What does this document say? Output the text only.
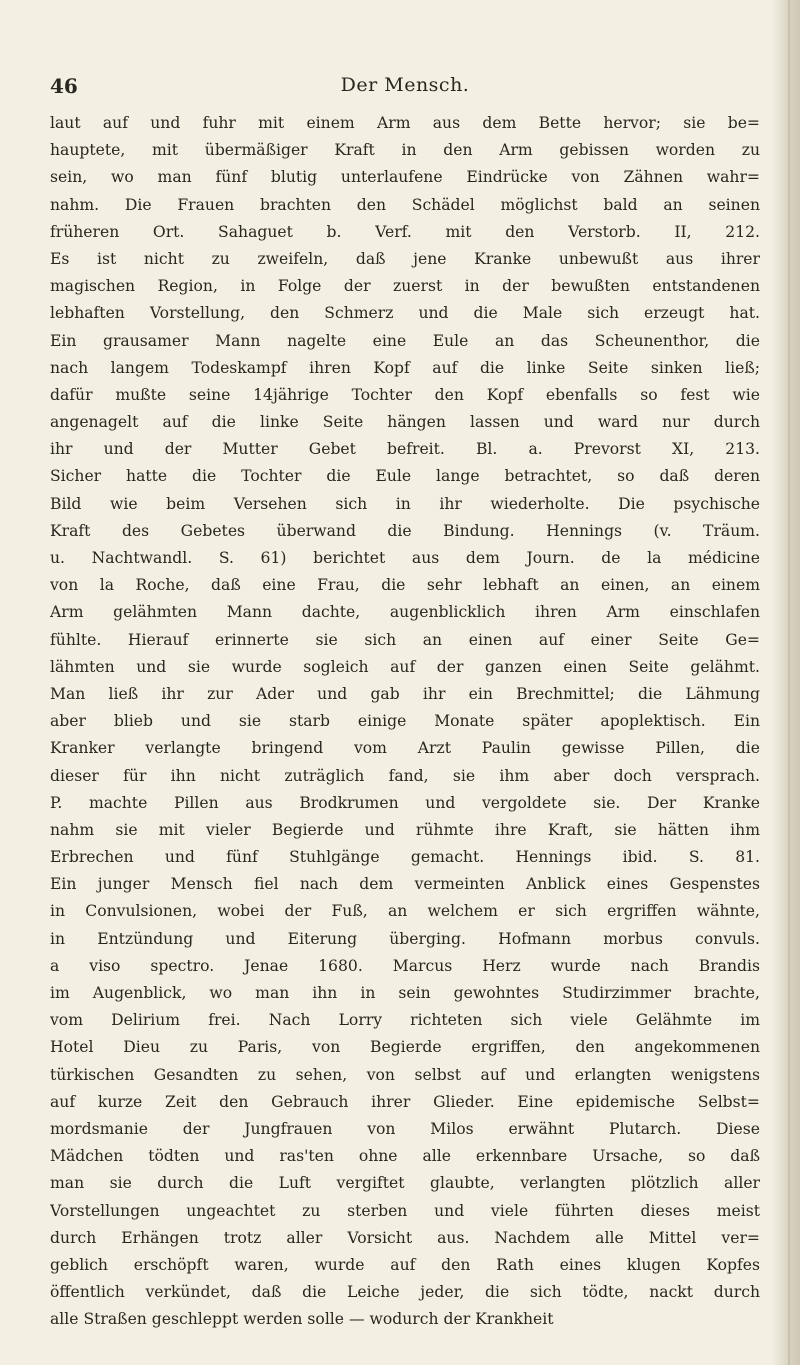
46	Der Mensch.
laut auf und fuhr mit einem Arm aus dem Bette hervor; sie be=
hauptete, mit übermäßiger Kraft in den Arm gebissen worden zu
sein, wo man fünf blutig unterlaufene Eindrücke von Zähnen wahr=
nahm. Die Frauen brachten den Schädel möglichst bald an seinen
früheren Ort. Sahaguet b. Verf. mit den Verstorb. II, 212.
Es ist nicht zu zweifeln, daß jene Kranke unbewußt aus ihrer
magischen Region, in Folge der zuerst in der bewußten entstandenen
lebhaften Vorstellung, den Schmerz und die Male sich erzeugt hat.
Ein grausamer Mann nagelte eine Eule an das Scheunenthor, die
nach langem Todeskampf ihren Kopf auf die linke Seite sinken ließ;
dafür mußte seine 14jährige Tochter den Kopf ebenfalls so fest wie
angenagelt auf die linke Seite hängen lassen und ward nur durch
ihr und der Mutter Gebet befreit. Bl. a. Prevorst XI, 213.
Sicher hatte die Tochter die Eule lange betrachtet, so daß deren
Bild wie beim Versehen sich in ihr wiederholte. Die psychische
Kraft des Gebetes überwand die Bindung. Hennings (v. Träum.
u. Nachtwandl. S. 61) berichtet aus dem Journ. de la médicine
von la Roche, daß eine Frau, die sehr lebhaft an einen, an einem
Arm gelähmten Mann dachte, augenblicklich ihren Arm einschlafen
fühlte. Hierauf erinnerte sie sich an einen auf einer Seite Ge=
lähmten und sie wurde sogleich auf der ganzen einen Seite gelähmt.
Man ließ ihr zur Ader und gab ihr ein Brechmittel; die Lähmung
aber blieb und sie starb einige Monate später apoplektisch. Ein
Kranker verlangte bringend vom Arzt Paulin gewisse Pillen, die
dieser für ihn nicht zuträglich fand, sie ihm aber doch versprach.
P. machte Pillen aus Brodkrumen und vergoldete sie. Der Kranke
nahm sie mit vieler Begierde und rühmte ihre Kraft, sie hätten ihm
Erbrechen und fünf Stuhlgänge gemacht. Hennings ibid. S. 81.
Ein junger Mensch fiel nach dem vermeinten Anblick eines Gespenstes
in Convulsionen, wobei der Fuß, an welchem er sich ergriffen wähnte,
in Entzündung und Eiterung überging. Hofmann morbus convuls.
a viso spectro. Jenae 1680. Marcus Herz wurde nach Brandis
im Augenblick, wo man ihn in sein gewohntes Studirzimmer brachte,
vom Delirium frei. Nach Lorry richteten sich viele Gelähmte im
Hotel Dieu zu Paris, von Begierde ergriffen, den angekommenen
türkischen Gesandten zu sehen, von selbst auf und erlangten wenigstens
auf kurze Zeit den Gebrauch ihrer Glieder. Eine epidemische Selbst=
mordsmanie der Jungfrauen von Milos erwähnt Plutarch. Diese
Mädchen tödten und ras'ten ohne alle erkennbare Ursache, so daß
man sie durch die Luft vergiftet glaubte, verlangten plötzlich aller
Vorstellungen ungeachtet zu sterben und viele führten dieses meist
durch Erhängen trotz aller Vorsicht aus. Nachdem alle Mittel ver=
geblich erschöpft waren, wurde auf den Rath eines klugen Kopfes
öffentlich verkündet, daß die Leiche jeder, die sich tödte, nackt durch
alle Straßen geschleppt werden solle — wodurch der Krankheit
